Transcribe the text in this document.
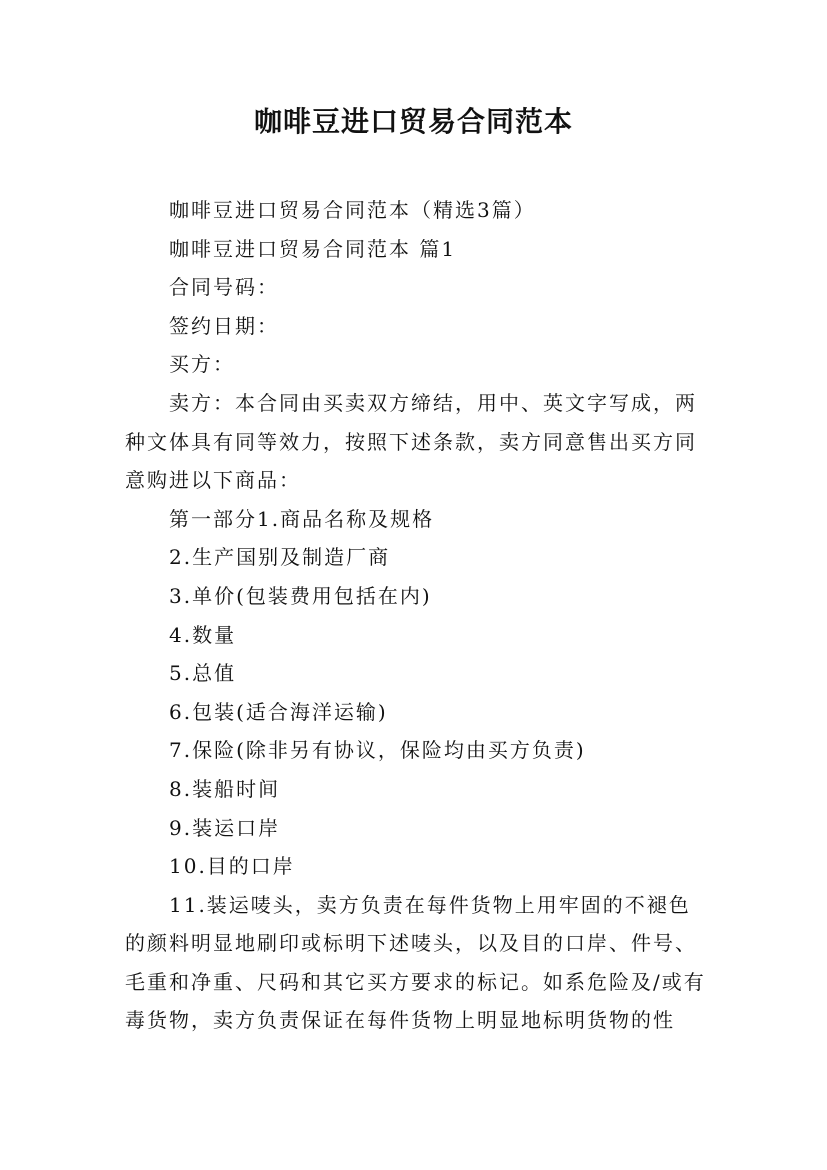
咖啡豆进口贸易合同范本

咖啡豆进口贸易合同范本（精选3篇）

咖啡豆进口贸易合同范本 篇1

合同号码：

签约日期：

买方：

卖方：本合同由买卖双方缔结，用中、英文字写成，两种文体具有同等效力，按照下述条款，卖方同意售出买方同意购进以下商品：

第一部分1.商品名称及规格

2.生产国别及制造厂商

3.单价(包装费用包括在内)

4.数量

5.总值

6.包装(适合海洋运输)

7.保险(除非另有协议，保险均由买方负责)

8.装船时间

9.装运口岸

10.目的口岸

11.装运唛头，卖方负责在每件货物上用牢固的不褪色的颜料明显地刷印或标明下述唛头，以及目的口岸、件号、毛重和净重、尺码和其它买方要求的标记。如系危险及/或有毒货物，卖方负责保证在每件货物上明显地标明货物的性
